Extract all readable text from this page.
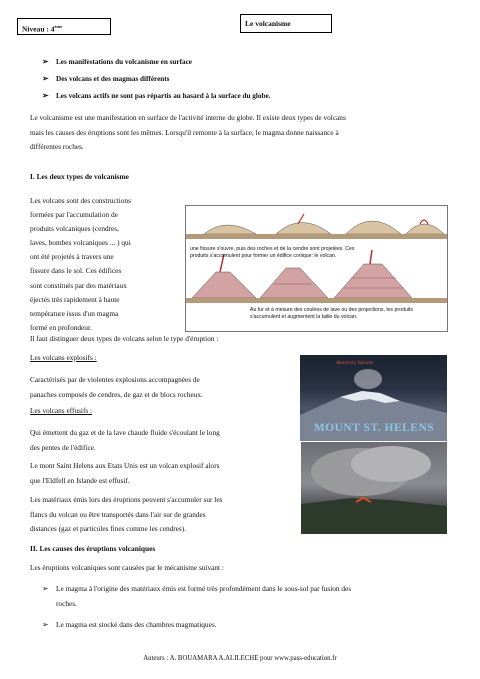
Niveau : 4ème	Le volcanisme
➢ Les manifestations du volcanisme en surface
➢ Des volcans et des magmas différents
➢ Les volcans actifs ne sont pas répartis au hasard à la surface du globe.
Le volcanisme est une manifestation en surface de l'activité interne du globe. Il existe deux types de volcans
mais les causes des éruptions sont les mêmes. Lorsqu'il remonte à la surface, le magma donne naissance à
différentes roches.
I. Les deux types de volcanisme
Les volcans sont des constructions
formées par l'accumulation de
produits volcaniques (cendres,
laves, bombes volcaniques ... ) qui
ont été projetés à travers une
fissure dans le sol. Ces édifices
sont constitués par des matériaux
éjectés très rapidement à haute
température issus d'un magma
formé en profondeur.
une fissure s'ouvre, puis des roches et de la cendre sont projetées. Ces
produits s'accumulent pour former un édifice conique: le volcan.
Au fur et à mesure des coulées de lave ou des projections, les produits
s'accumulent et augmentent la taille du volcan.
Il faut distinguer deux types de volcans selon le type d'éruption :
Les volcans explosifs :
Caractérisés par de violentes explosions accompagnées de
panaches composés de cendres, de gaz et de blocs rocheux.
Les volcans effusifs :
Qui émettent du gaz et de la lave chaude fluide s'écoulant le long
des pentes de l'édifice.
Le mont Saint Helens aux Etats Unis est un volcan explosif alors
que l'Eldfell en Islande est effusif.
Les matériaux émis lors des éruptions peuvent s'accumuler sur les
flancs du volcan ou être transportés dans l'air sur de grandes
distances (gaz et particules fines comme les cendres).
America's Volcano
MOUNT ST. HELENS
II. Les causes des éruptions volcaniques
Les éruptions volcaniques sont causées par le mécanisme suivant :
➢ Le magma à l'origine des matériaux émis est formé très profondément dans le sous-sol par fusion des
roches.
➢ Le magma est stocké dans des chambres magmatiques.
Auteurs : A. BOUAMARA A.ALILECHE pour www.pass-education.fr
